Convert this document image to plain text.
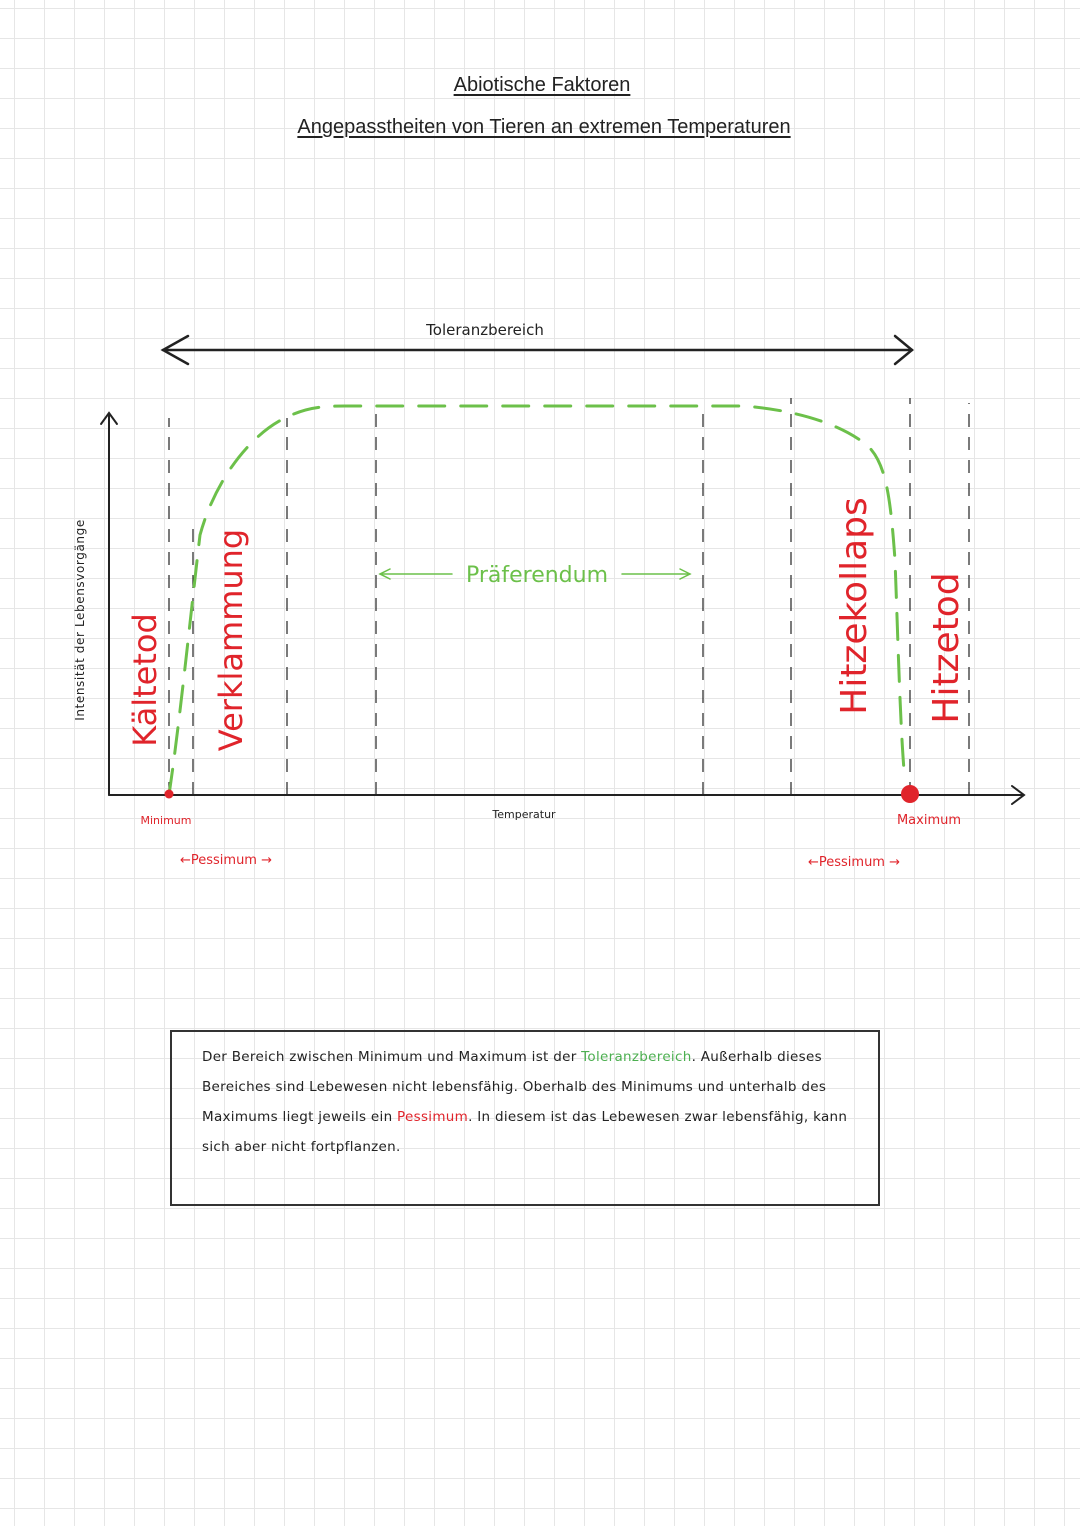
Abiotische Faktoren
Angepasstheiten von Tieren an extremen Temperaturen
Toleranzbereich
Minimum	Maximum
Temperatur
Intensität der Lebensvorgänge
←Pessimum →	←Pessimum →
Präferendum
Kältetod Verklammung	Hitzekollaps Hitzetod
Der Bereich zwischen Minimum und Maximum ist der Toleranzbereich. Außerhalb dieses Bereiches sind Lebewesen nicht lebensfähig. Oberhalb des Minimums und unterhalb des Maximums liegt jeweils ein Pessimum. In diesem ist das Lebewesen zwar lebensfähig, kann sich aber nicht fortpflanzen.
